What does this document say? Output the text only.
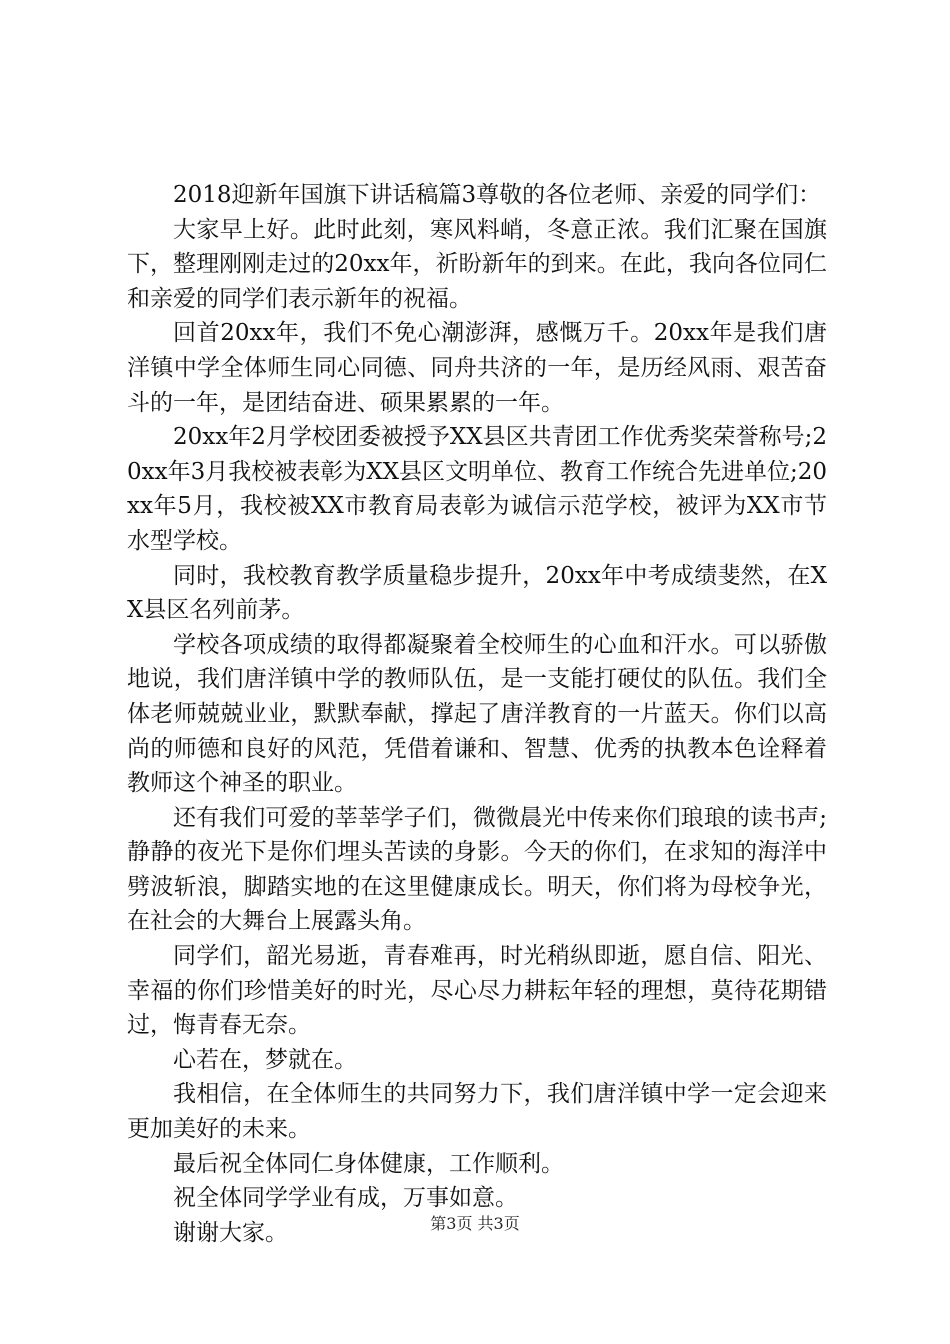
2018迎新年国旗下讲话稿篇3尊敬的各位老师、亲爱的同学们：

大家早上好。此时此刻，寒风料峭，冬意正浓。我们汇聚在国旗下，整理刚刚走过的20xx年，祈盼新年的到来。在此，我向各位同仁和亲爱的同学们表示新年的祝福。

回首20xx年，我们不免心潮澎湃，感慨万千。20xx年是我们唐洋镇中学全体师生同心同德、同舟共济的一年，是历经风雨、艰苦奋斗的一年，是团结奋进、硕果累累的一年。

20xx年2月学校团委被授予XX县区共青团工作优秀奖荣誉称号;20xx年3月我校被表彰为XX县区文明单位、教育工作统合先进单位;20xx年5月，我校被XX市教育局表彰为诚信示范学校，被评为XX市节水型学校。

同时，我校教育教学质量稳步提升，20xx年中考成绩斐然，在XX县区名列前茅。

学校各项成绩的取得都凝聚着全校师生的心血和汗水。可以骄傲地说，我们唐洋镇中学的教师队伍，是一支能打硬仗的队伍。我们全体老师兢兢业业，默默奉献，撑起了唐洋教育的一片蓝天。你们以高尚的师德和良好的风范，凭借着谦和、智慧、优秀的执教本色诠释着教师这个神圣的职业。

还有我们可爱的莘莘学子们，微微晨光中传来你们琅琅的读书声;静静的夜光下是你们埋头苦读的身影。今天的你们，在求知的海洋中劈波斩浪，脚踏实地的在这里健康成长。明天，你们将为母校争光，在社会的大舞台上展露头角。

同学们，韶光易逝，青春难再，时光稍纵即逝，愿自信、阳光、幸福的你们珍惜美好的时光，尽心尽力耕耘年轻的理想，莫待花期错过，悔青春无奈。

心若在，梦就在。

我相信，在全体师生的共同努力下，我们唐洋镇中学一定会迎来更加美好的未来。

最后祝全体同仁身体健康，工作顺利。

祝全体同学学业有成，万事如意。

谢谢大家。	第3页 共3页
